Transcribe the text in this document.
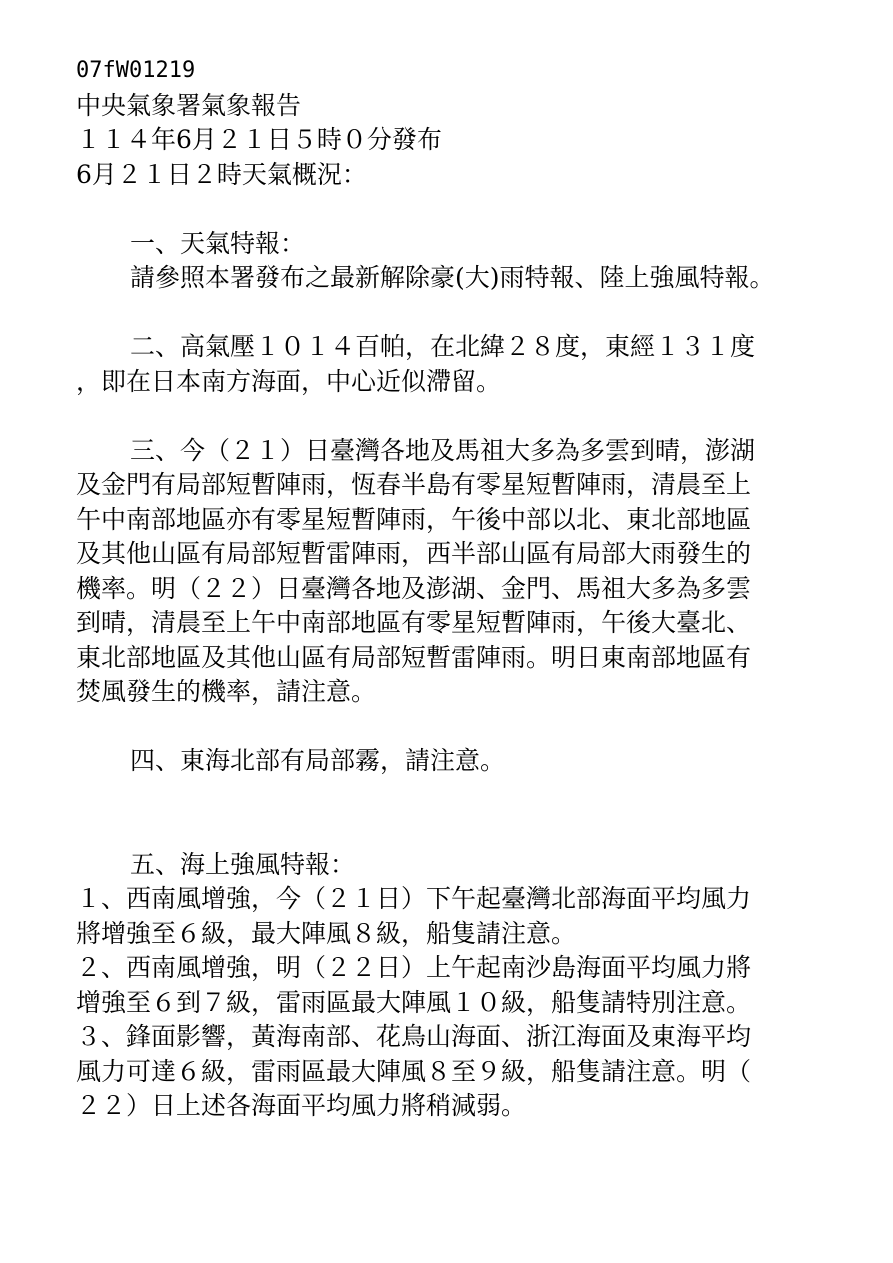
07fW01219
中央氣象署氣象報告
１１４年6月２１日５時０分發布
6月２１日２時天氣概況：
一、天氣特報：
請參照本署發布之最新解除豪(大)雨特報、陸上強風特報。
二、高氣壓１０１４百帕，在北緯２８度，東經１３１度
，即在日本南方海面，中心近似滯留。
三、今（２１）日臺灣各地及馬祖大多為多雲到晴，澎湖
及金門有局部短暫陣雨，恆春半島有零星短暫陣雨，清晨至上
午中南部地區亦有零星短暫陣雨，午後中部以北、東北部地區
及其他山區有局部短暫雷陣雨，西半部山區有局部大雨發生的
機率。明（２２）日臺灣各地及澎湖、金門、馬祖大多為多雲
到晴，清晨至上午中南部地區有零星短暫陣雨，午後大臺北、
東北部地區及其他山區有局部短暫雷陣雨。明日東南部地區有
焚風發生的機率，請注意。
四、東海北部有局部霧，請注意。
五、海上強風特報：
１、西南風增強，今（２１日）下午起臺灣北部海面平均風力
將增強至６級，最大陣風８級，船隻請注意。
２、西南風增強，明（２２日）上午起南沙島海面平均風力將
增強至６到７級，雷雨區最大陣風１０級，船隻請特別注意。
３、鋒面影響，黃海南部、花鳥山海面、浙江海面及東海平均
風力可達６級，雷雨區最大陣風８至９級，船隻請注意。明（
２２）日上述各海面平均風力將稍減弱。
